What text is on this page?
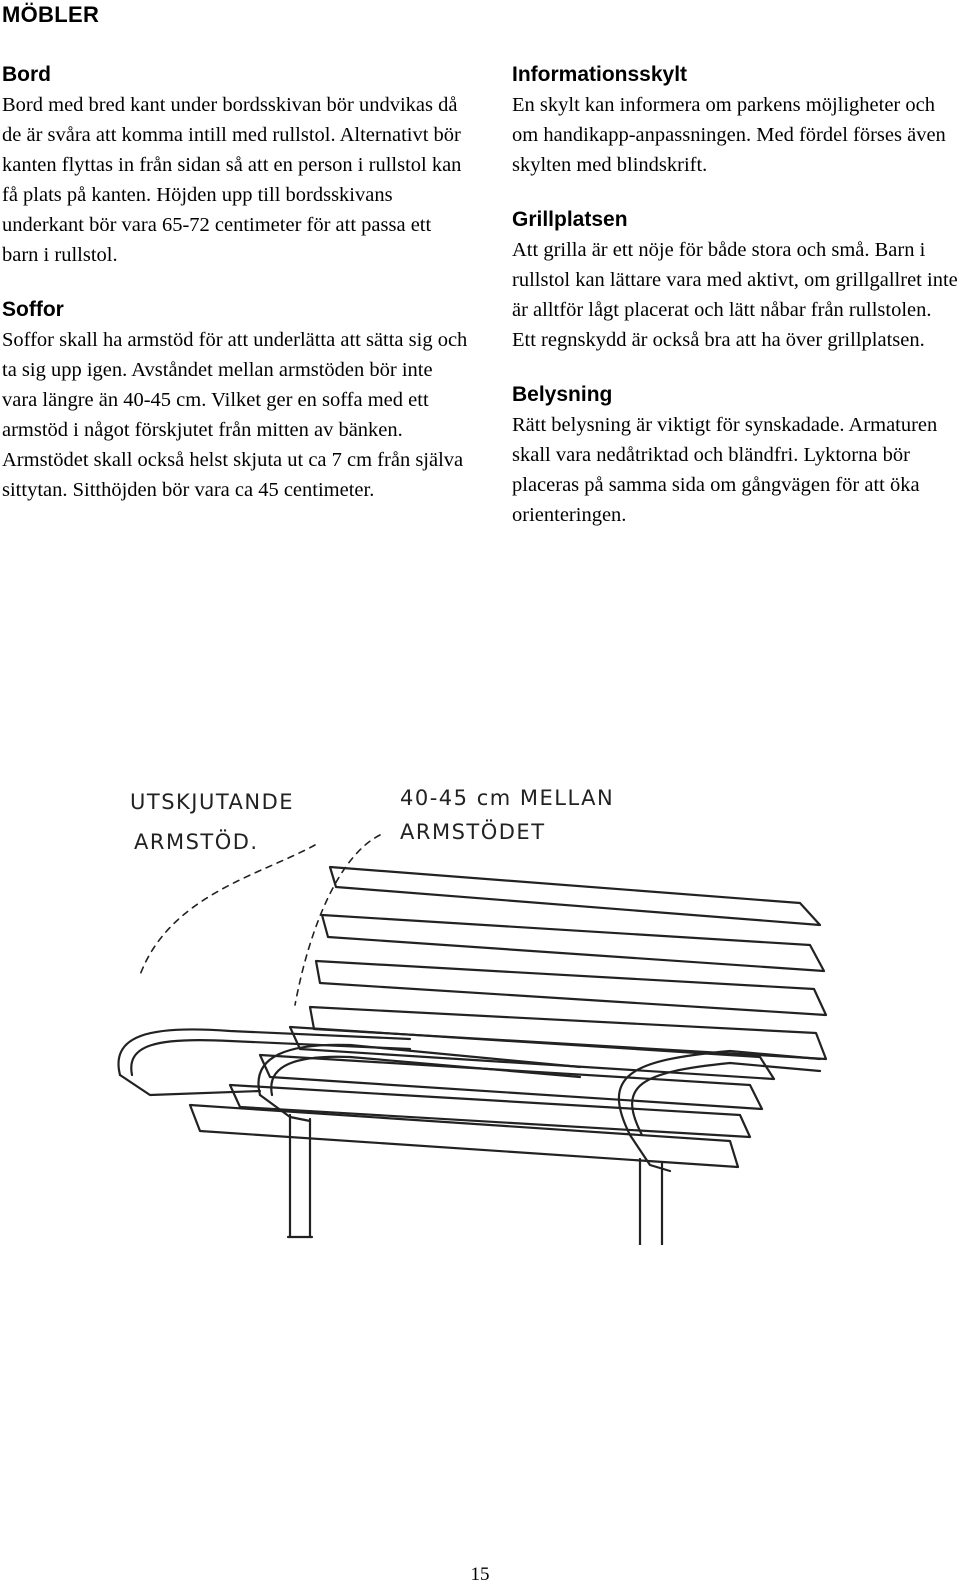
MÖBLER
Bord

Bord med bred kant under bordsskivan bör undvikas då de är svåra att komma intill med rullstol. Alternativt bör kanten flyttas in från sidan så att en person i rullstol kan få plats på kanten. Höjden upp till bordsskivans underkant bör vara 65-72 centimeter för att passa ett barn i rullstol.

Soffor

Soffor skall ha armstöd för att underlätta att sätta sig och ta sig upp igen. Avståndet mellan armstöden bör inte vara längre än 40-45 cm. Vilket ger en soffa med ett armstöd i något förskjutet från mitten av bänken. Armstödet skall också helst skjuta ut ca 7 cm från själva sittytan. Sitthöjden bör vara ca 45 centimeter.

Informationsskylt

En skylt kan informera om parkens möjligheter och om handikapp-anpassningen. Med fördel förses även skylten med blindskrift.

Grillplatsen

Att grilla är ett nöje för både stora och små. Barn i rullstol kan lättare vara med aktivt, om grillgallret inte är alltför lågt placerat och lätt nåbar från rullstolen. Ett regnskydd är också bra att ha över grillplatsen.

Belysning

Rätt belysning är viktigt för synskadade. Armaturen skall vara nedåtriktad och bländfri. Lyktorna bör placeras på samma sida om gångvägen för att öka orienteringen.

UTSKJUTANDE
ARMSTÖD.
40-45 cm MELLAN
ARMSTÖDET
15
